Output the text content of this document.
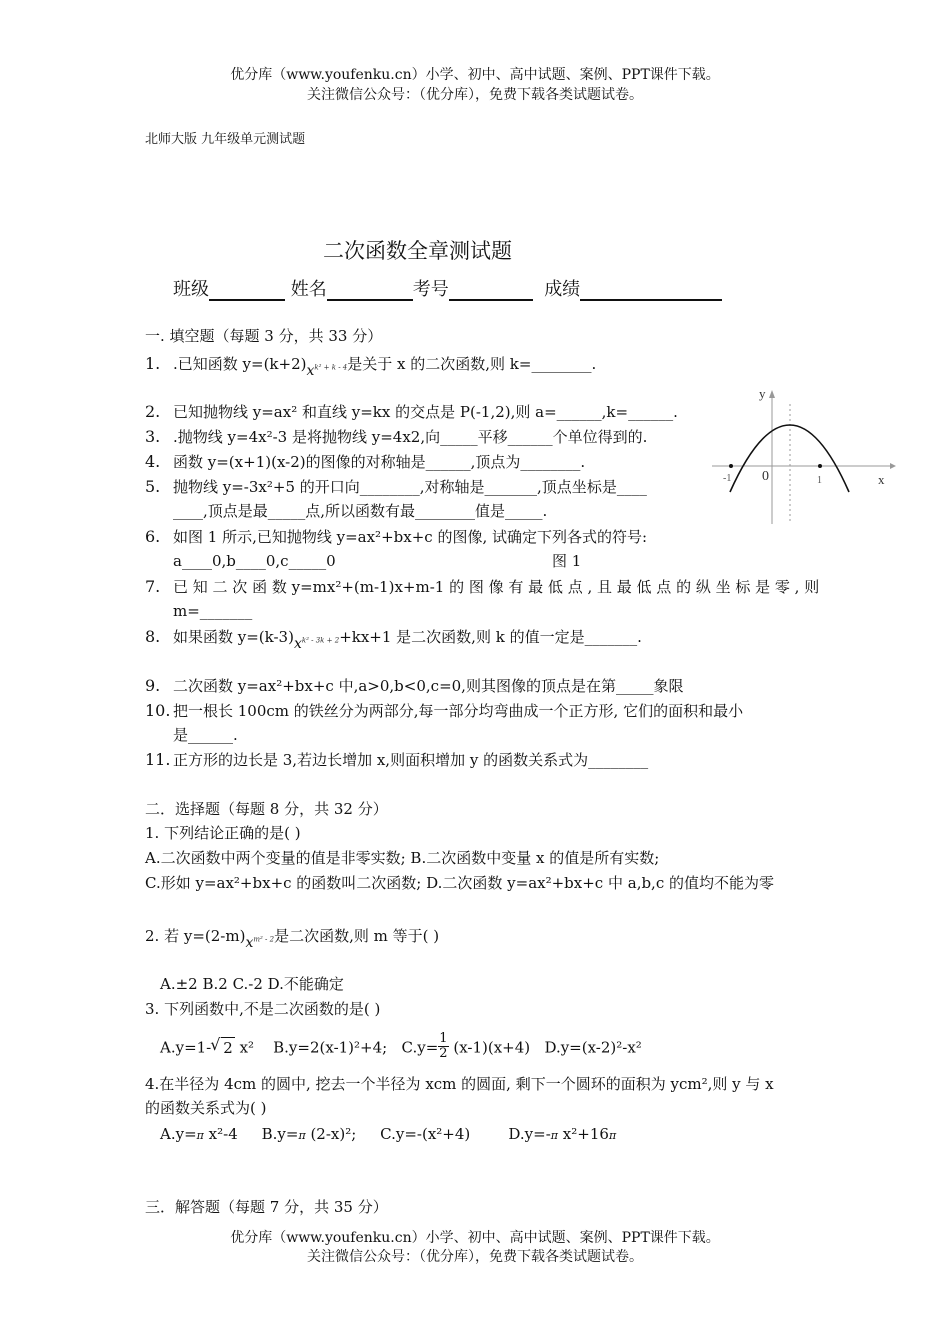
优分库（www.youfenku.cn）小学、初中、高中试题、案例、PPT课件下载。
关注微信公众号：（优分库），免费下载各类试题试卷。
北师大版 九年级单元测试题
二次函数全章测试题
班级	姓名	考号	成绩
一. 填空题（每题 3 分，共 33 分）
1. .已知函数 $y=(k+2)x^{k^2 + k - 4}$是关于 x 的二次函数,则 k=________.
2. 已知抛物线 y=ax² 和直线 y=kx 的交点是 P(-1,2),则 a=______,k=______.
3. .抛物线 y=4x²-3 是将抛物线 y=4x2,向_____平移______个单位得到的.
4. 函数 y=(x+1)(x-2)的图像的对称轴是______,顶点为________.
5. 抛物线 y=-3x²+5 的开口向________,对称轴是_______,顶点坐标是____
____,顶点是最_____点,所以函数有最________值是_____.
6. 如图 1 所示,已知抛物线 y=ax²+bx+c 的图像, 试确定下列各式的符号:
a____0,b____0,c_____0	图 1
7. 已 知 二 次 函 数 y=mx²+(m-1)x+m-1 的 图 像 有 最 低 点 , 且 最 低 点 的 纵 坐 标 是 零 , 则
m=_______
8. 如果函数 $y=(k-3)x^{k^2 - 3k + 2}+kx+1$ 是二次函数,则 k 的值一定是_______.
9. 二次函数 y=ax²+bx+c 中,a>0,b<0,c=0,则其图像的顶点是在第_____象限
10. 把一根长 100cm 的铁丝分为两部分,每一部分均弯曲成一个正方形, 它们的面积和最小
是______.
11. 正方形的边长是 3,若边长增加 x,则面积增加 y 的函数关系式为________
y
x
0
-1	1
二．选择题（每题 8 分，共 32 分）
1. 下列结论正确的是( )
A.二次函数中两个变量的值是非零实数; B.二次函数中变量 x 的值是所有实数;
C.形如 y=ax²+bx+c 的函数叫二次函数; D.二次函数 y=ax²+bx+c 中 a,b,c 的值均不能为零
2. 若 $y=(2-m)x^{m^2 - 2}$是二次函数,则 m 等于( )
A.±2 B.2 C.-2 D.不能确定
3. 下列函数中,不是二次函数的是( )
A.y=1-√ 2 x² B.y=2(x-1)²+4; $C.y= \frac{1}{2} (x-1)(x+4)$ D.y=(x-2)²-x²
4.在半径为 4cm 的圆中, 挖去一个半径为 xcm 的圆面, 剩下一个圆环的面积为 ycm²,则 y 与 x
的函数关系式为( )
A.y=π x²-4 B.y=π (2-x)²; C.y=-(x²+4)	D.y=-π x²+16π
三．解答题（每题 7 分，共 35 分）
优分库（www.youfenku.cn）小学、初中、高中试题、案例、PPT课件下载。
关注微信公众号：（优分库），免费下载各类试题试卷。
